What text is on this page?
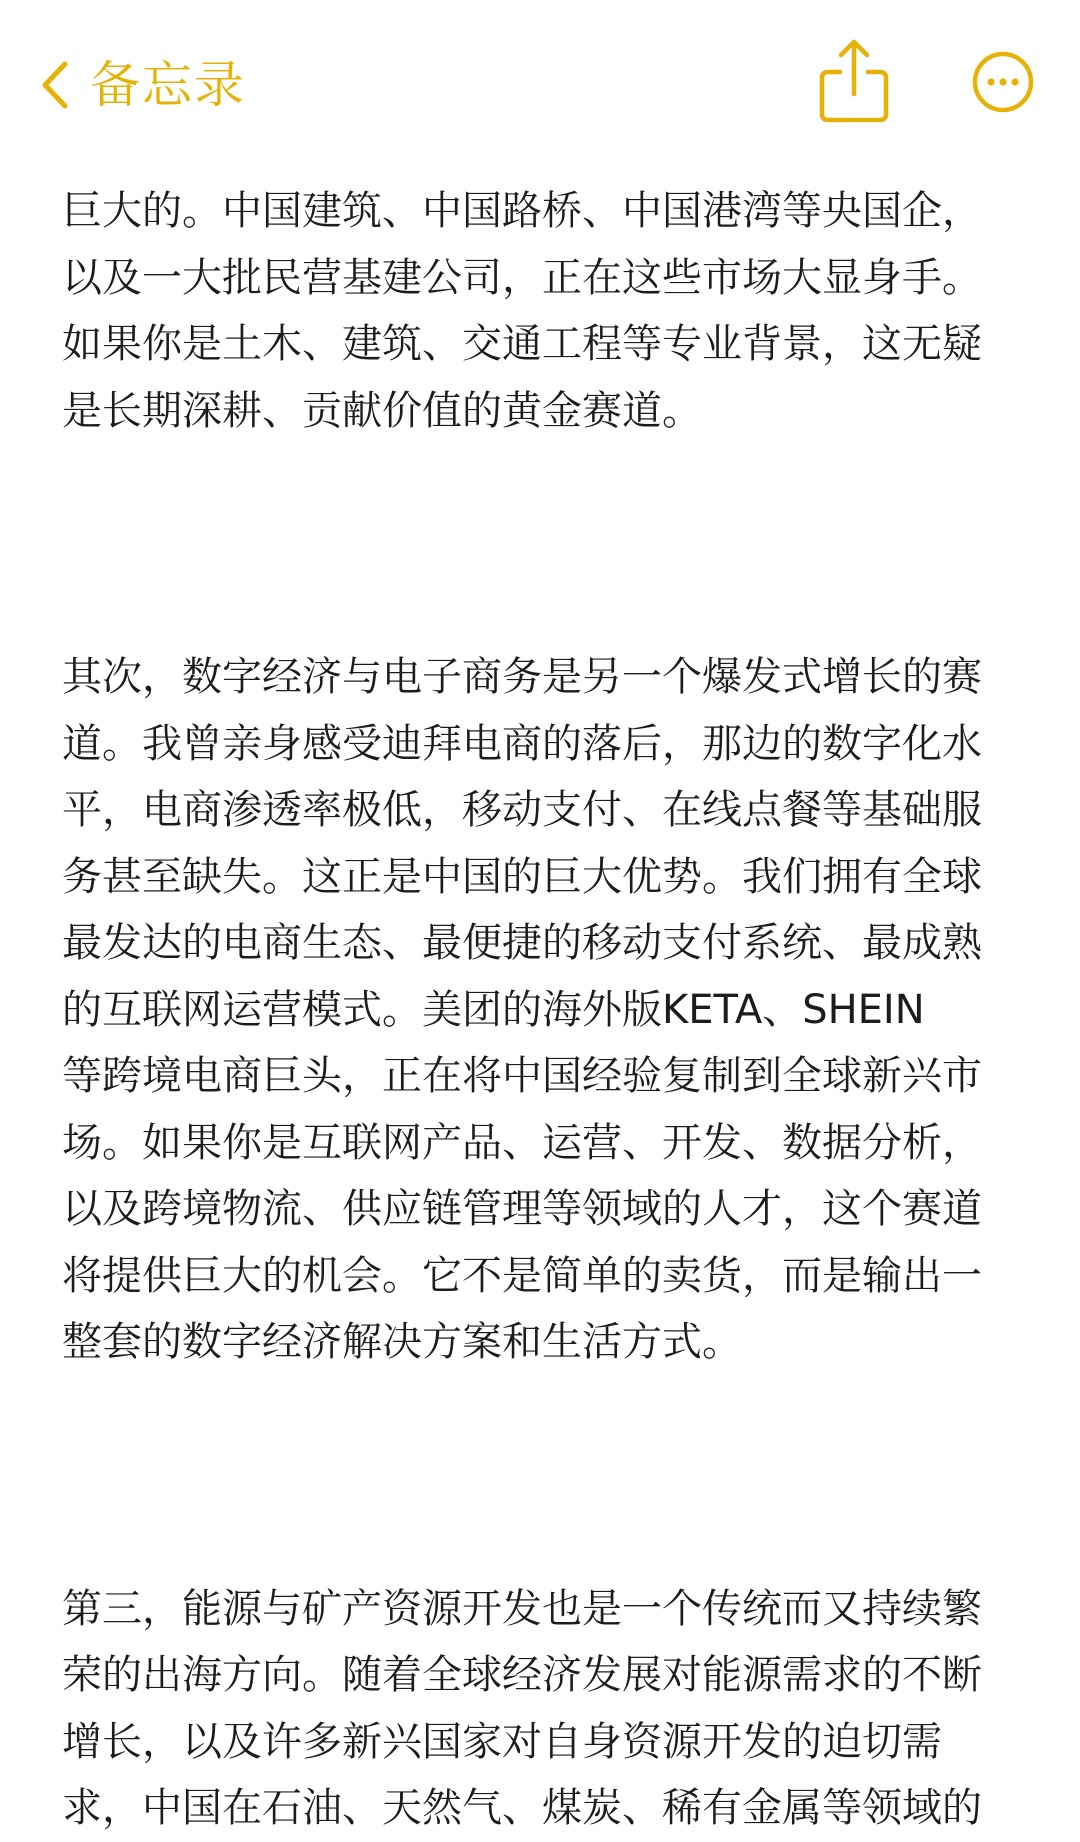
备忘录

巨大的。中国建筑、中国路桥、中国港湾等央国企，
以及一大批民营基建公司，正在这些市场大显身手。
如果你是土木、建筑、交通工程等专业背景，这无疑
是长期深耕、贡献价值的黄金赛道。

其次，数字经济与电子商务是另一个爆发式增长的赛
道。我曾亲身感受迪拜电商的落后，那边的数字化水
平，电商渗透率极低，移动支付、在线点餐等基础服
务甚至缺失。这正是中国的巨大优势。我们拥有全球
最发达的电商生态、最便捷的移动支付系统、最成熟
的互联网运营模式。美团的海外版KETA、SHEIN
等跨境电商巨头，正在将中国经验复制到全球新兴市
场。如果你是互联网产品、运营、开发、数据分析，
以及跨境物流、供应链管理等领域的人才，这个赛道
将提供巨大的机会。它不是简单的卖货，而是输出一
整套的数字经济解决方案和生活方式。

第三，能源与矿产资源开发也是一个传统而又持续繁
荣的出海方向。随着全球经济发展对能源需求的不断
增长，以及许多新兴国家对自身资源开发的迫切需
求，中国在石油、天然气、煤炭、稀有金属等领域的
